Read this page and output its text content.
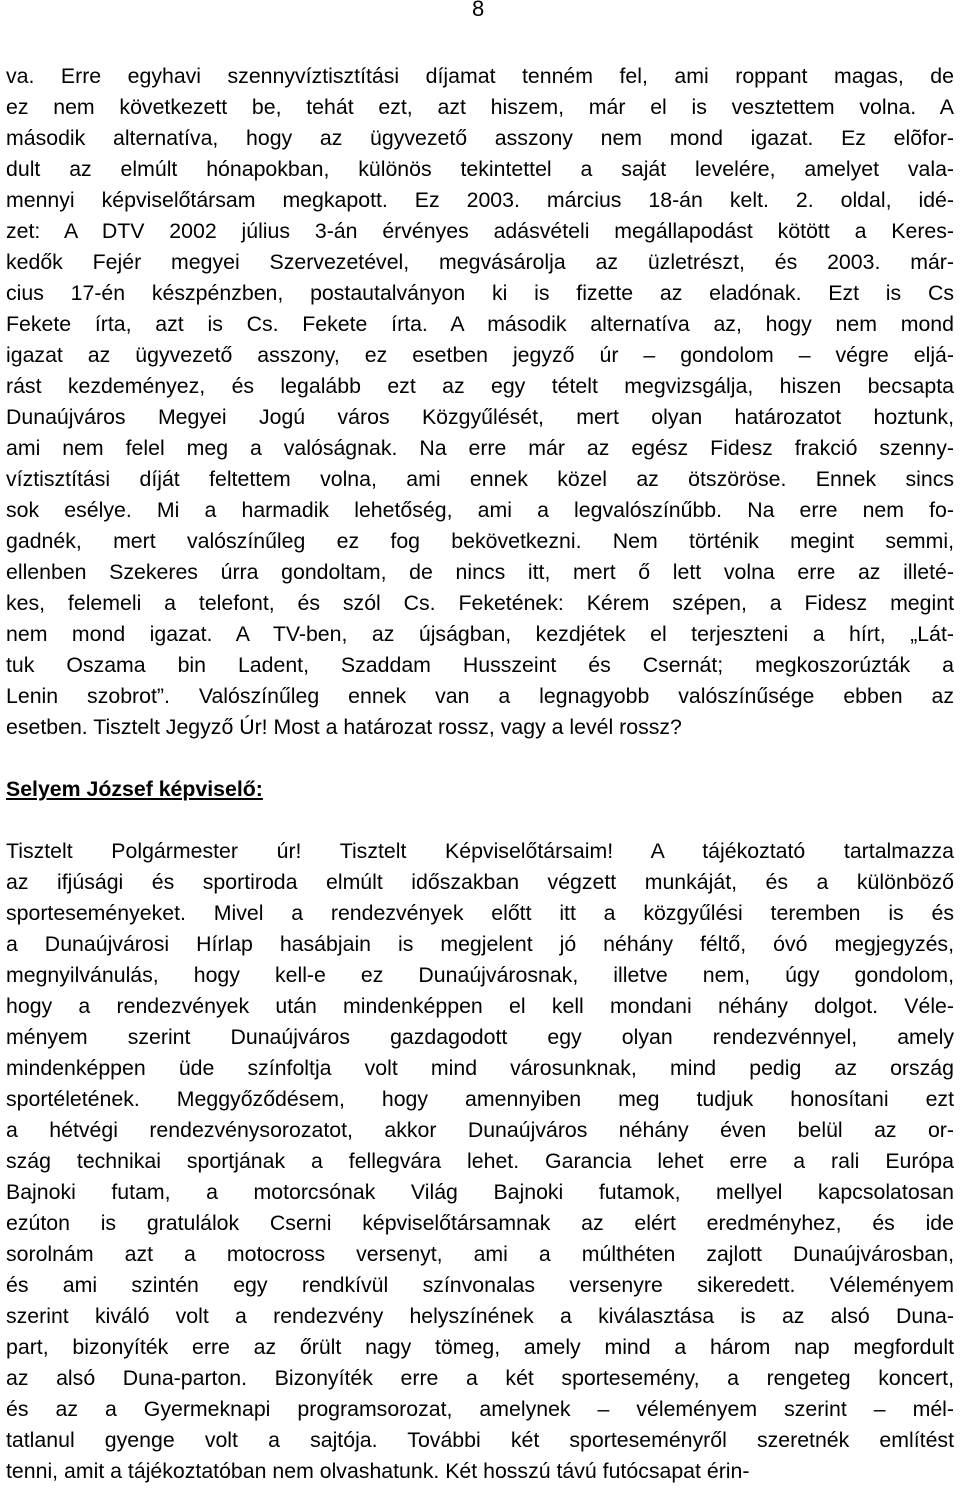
8
va. Erre egyhavi szennyvíztisztítási díjamat tenném fel, ami roppant magas, de
ez nem következett be, tehát ezt, azt hiszem, már el is vesztettem volna. A
második alternatíva, hogy az ügyvezető asszony nem mond igazat. Ez elõfor-
dult az elmúlt hónapokban, különös tekintettel a saját levelére, amelyet vala-
mennyi képviselőtársam megkapott. Ez 2003. március 18-án kelt. 2. oldal, idé-
zet: A DTV 2002 július 3-án érvényes adásvételi megállapodást kötött a Keres-
kedők Fejér megyei Szervezetével, megvásárolja az üzletrészt, és 2003. már-
cius 17-én készpénzben, postautalványon ki is fizette az eladónak. Ezt is Cs
Fekete írta, azt is Cs. Fekete írta. A második alternatíva az, hogy nem mond
igazat az ügyvezető asszony, ez esetben jegyző úr – gondolom – végre eljá-
rást kezdeményez, és legalább ezt az egy tételt megvizsgálja, hiszen becsapta
Dunaújváros Megyei Jogú város Közgyűlését, mert olyan határozatot hoztunk,
ami nem felel meg a valóságnak. Na erre már az egész Fidesz frakció szenny-
víztisztítási díját feltettem volna, ami ennek közel az ötszöröse. Ennek sincs
sok esélye. Mi a harmadik lehetőség, ami a legvalószínűbb. Na erre nem fo-
gadnék, mert valószínűleg ez fog bekövetkezni. Nem történik megint semmi,
ellenben Szekeres úrra gondoltam, de nincs itt, mert ő lett volna erre az illeté-
kes, felemeli a telefont, és szól Cs. Feketének: Kérem szépen, a Fidesz megint
nem mond igazat. A TV-ben, az újságban, kezdjétek el terjeszteni a hírt, „Lát-
tuk Oszama bin Ladent, Szaddam Husszeint és Csernát; megkoszorúzták a
Lenin szobrot”. Valószínűleg ennek van a legnagyobb valószínűsége ebben az
esetben. Tisztelt Jegyző Úr! Most a határozat rossz, vagy a levél rossz?
Selyem József képviselő:
Tisztelt Polgármester úr! Tisztelt Képviselőtársaim! A tájékoztató tartalmazza
az ifjúsági és sportiroda elmúlt időszakban végzett munkáját, és a különböző
sporteseményeket. Mivel a rendezvények előtt itt a közgyűlési teremben is és
a Dunaújvárosi Hírlap hasábjain is megjelent jó néhány féltő, óvó megjegyzés,
megnyilvánulás, hogy kell-e ez Dunaújvárosnak, illetve nem, úgy gondolom,
hogy a rendezvények után mindenképpen el kell mondani néhány dolgot. Véle-
ményem szerint Dunaújváros gazdagodott egy olyan rendezvénnyel, amely
mindenképpen üde színfoltja volt mind városunknak, mind pedig az ország
sportéletének. Meggyőződésem, hogy amennyiben meg tudjuk honosítani ezt
a hétvégi rendezvénysorozatot, akkor Dunaújváros néhány éven belül az or-
szág technikai sportjának a fellegvára lehet. Garancia lehet erre a rali Európa
Bajnoki futam, a motorcsónak Világ Bajnoki futamok, mellyel kapcsolatosan
ezúton is gratulálok Cserni képviselőtársamnak az elért eredményhez, és ide
sorolnám azt a motocross versenyt, ami a múlthéten zajlott Dunaújvárosban,
és ami szintén egy rendkívül színvonalas versenyre sikeredett. Véleményem
szerint kiváló volt a rendezvény helyszínének a kiválasztása is az alsó Duna-
part, bizonyíték erre az őrült nagy tömeg, amely mind a három nap megfordult
az alsó Duna-parton. Bizonyíték erre a két sportesemény, a rengeteg koncert,
és az a Gyermeknapi programsorozat, amelynek – véleményem szerint – mél-
tatlanul gyenge volt a sajtója. További két sporteseményről szeretnék említést
tenni, amit a tájékoztatóban nem olvashatunk. Két hosszú távú futócsapat érin-
